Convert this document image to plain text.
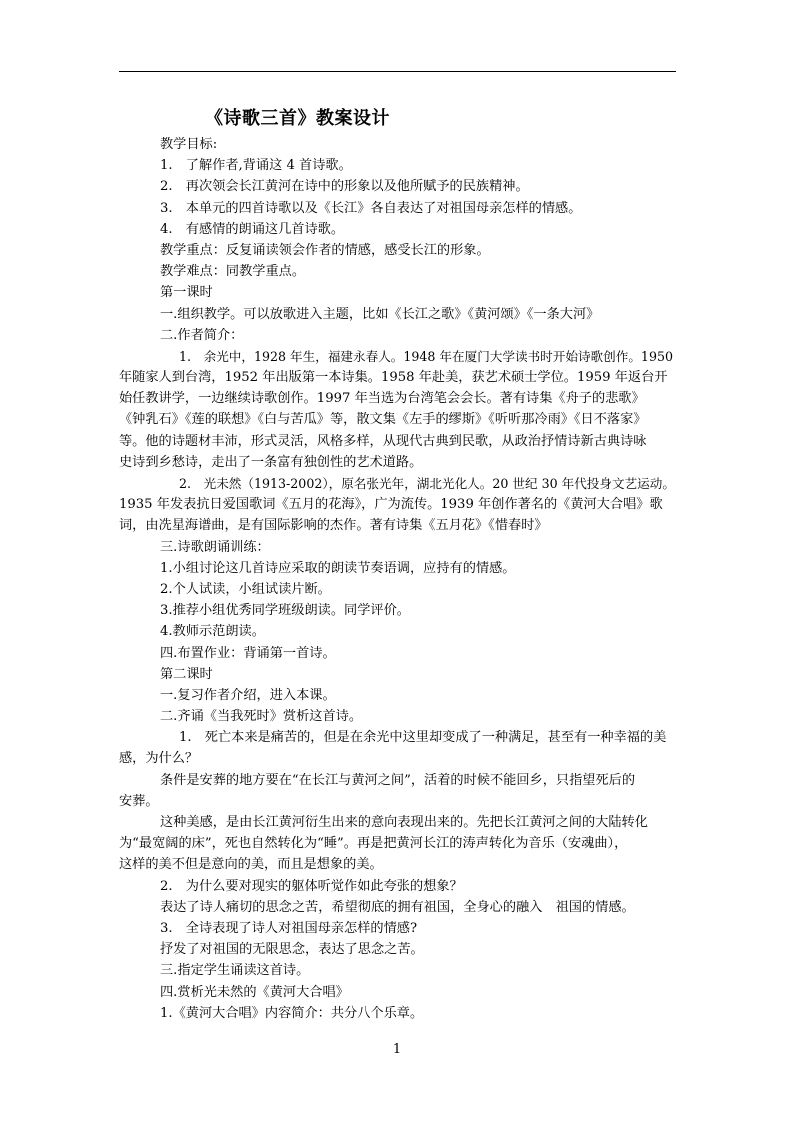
《诗歌三首》教案设计
教学目标:
1.　了解作者,背诵这 4 首诗歌。
2.　再次领会长江黄河在诗中的形象以及他所赋予的民族精神。
3.　本单元的四首诗歌以及《长江》各自表达了对祖国母亲怎样的情感。
4.　有感情的朗诵这几首诗歌。
教学重点：反复诵读领会作者的情感，感受长江的形象。
教学难点：同教学重点。
第一课时
一.组织教学。可以放歌进入主题，比如《长江之歌》《黄河颂》《一条大河》
二.作者简介：
1.　余光中，1928 年生，福建永春人。1948 年在厦门大学读书时开始诗歌创作。1950
年随家人到台湾，1952 年出版第一本诗集。1958 年赴美，获艺术硕士学位。1959 年返台开
始任教讲学，一边继续诗歌创作。1997 年当选为台湾笔会会长。著有诗集《舟子的悲歌》
《钟乳石》《莲的联想》《白与苦瓜》等，散文集《左手的缪斯》《听听那冷雨》《日不落家》
等。他的诗题材丰沛，形式灵活，风格多样，从现代古典到民歌，从政治抒情诗新古典诗咏
史诗到乡愁诗，走出了一条富有独创性的艺术道路。
2.　光未然（1913-2002），原名张光年，湖北光化人。20 世纪 30 年代投身文艺运动。
1935 年发表抗日爱国歌词《五月的花海》，广为流传。1939 年创作著名的《黄河大合唱》歌
词，由冼星海谱曲，是有国际影响的杰作。著有诗集《五月花》《惜春时》
三.诗歌朗诵训练：
1.小组讨论这几首诗应采取的朗读节奏语调，应持有的情感。
2.个人试读，小组试读片断。
3.推荐小组优秀同学班级朗读。同学评价。
4.教师示范朗读。
四.布置作业：背诵第一首诗。
第二课时
一.复习作者介绍，进入本课。
二.齐诵《当我死时》赏析这首诗。
1.　死亡本来是痛苦的，但是在余光中这里却变成了一种满足，甚至有一种幸福的美
感，为什么？
条件是安葬的地方要在“在长江与黄河之间”，活着的时候不能回乡，只指望死后的
安葬。
这种美感，是由长江黄河衍生出来的意向表现出来的。先把长江黄河之间的大陆转化
为“最宽阔的床”，死也自然转化为“睡”。再是把黄河长江的涛声转化为音乐（安魂曲），
这样的美不但是意向的美，而且是想象的美。
2.　为什么要对现实的躯体听觉作如此夸张的想象？
表达了诗人痛切的思念之苦，希望彻底的拥有祖国，全身心的融入　祖国的情感。
3.　全诗表现了诗人对祖国母亲怎样的情感?
抒发了对祖国的无限思念，表达了思念之苦。
三.指定学生诵读这首诗。
四.赏析光未然的《黄河大合唱》
1.《黄河大合唱》内容简介：共分八个乐章。
1
